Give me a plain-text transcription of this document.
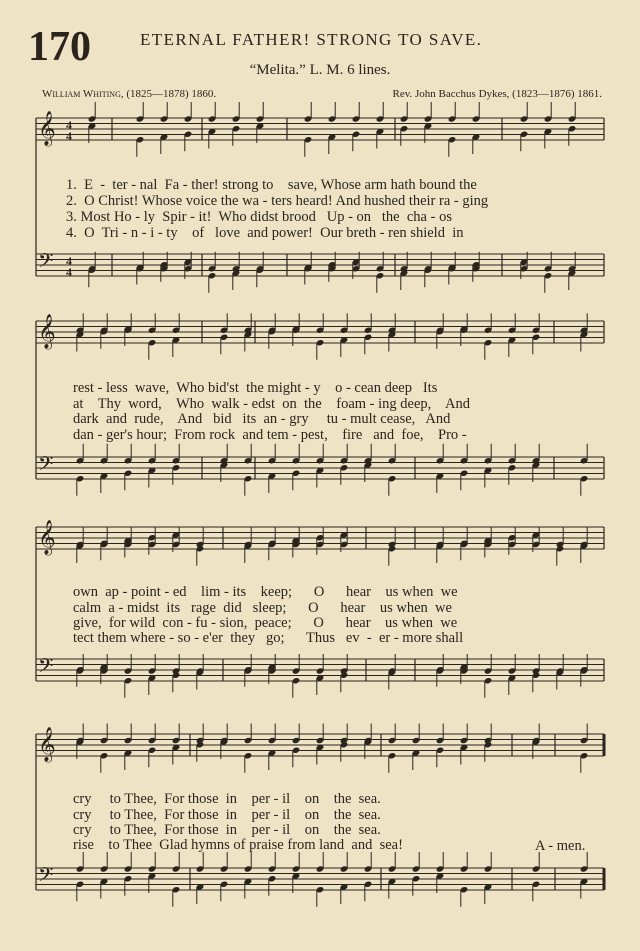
170	ETERNAL FATHER! STRONG TO SAVE.
“Melita.” L. M. 6 lines.
William Whiting, (1825—1878) 1860.	Rev. John Bacchus Dykes, (1823—1876) 1861.
𝄞 4
4
𝄢 4
4
𝄞
𝄢
𝄞
𝄢
𝄞
𝄢
1.  E  -  ter - nal  Fa - ther! strong to    save, Whose arm hath bound the
2.  O Christ! Whose voice the wa - ters heard! And hushed their ra - ging
3. Most Ho - ly  Spir - it!  Who didst brood   Up - on   the  cha - os
4.  O  Tri - n - i - ty    of   love  and power!  Our breth - ren shield  in
rest - less  wave,  Who bid'st  the might - y    o - cean deep   Its
at    Thy  word,    Who  walk - edst  on  the    foam - ing deep,    And
dark  and  rude,    And   bid   its  an - gry     tu - mult cease,   And
dan - ger's hour;  From rock  and tem - pest,    fire   and  foe,    Pro -
own  ap - point - ed    lim - its    keep;      O      hear    us when  we
calm  a - midst  its   rage  did   sleep;      O      hear    us when  we
give,  for wild  con - fu - sion,  peace;      O      hear    us when  we
tect them where - so - e'er  they   go;      Thus   ev  -  er - more shall
cry     to Thee,  For those  in    per - il    on    the  sea.
cry     to Thee,  For those  in    per - il    on    the  sea.
cry     to Thee,  For those  in    per - il    on    the  sea.
rise    to Thee  Glad hymns of praise from land  and  sea!	A - men.
